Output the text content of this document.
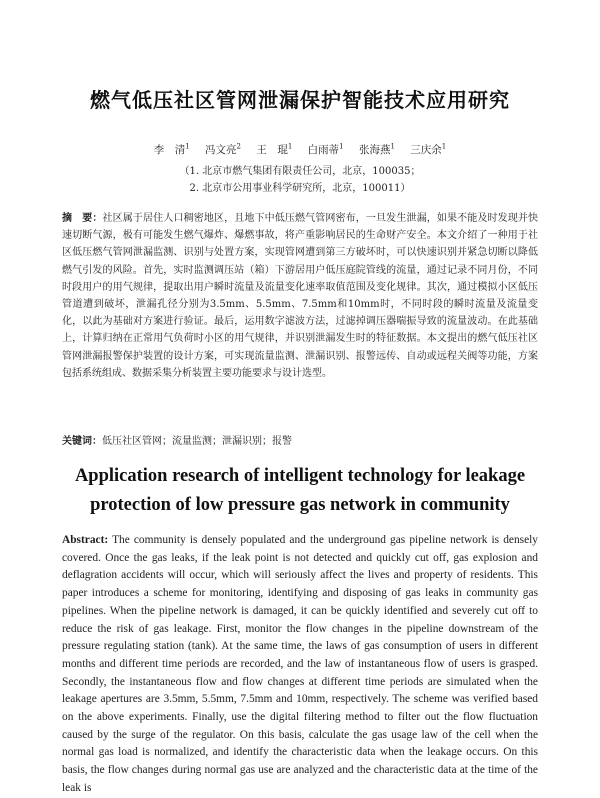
燃气低压社区管网泄漏保护智能技术应用研究
李　清$^1$ 冯文亮$^2$ 王　琨$^1$ 白雨蒂$^1$ 张海燕$^1$ 三庆余$^1$
（1. 北京市燃气集团有限责任公司，北京，100035；
2. 北京市公用事业科学研究所，北京，100011）
摘　要：社区属于居住人口稠密地区，且地下中低压燃气管网密布，一旦发生泄漏，如果不能及时发现并快速切断气源，极有可能发生燃气爆炸、爆燃事故，将产重影响居民的生命财产安全。本文介绍了一种用于社区低压燃气管网泄漏监测、识别与处置方案，实现管网遭到第三方破坏时，可以快速识别并紧急切断以降低燃气引发的风险。首先，实时监测调压站（箱）下游居用户低压庭院管线的流量，通过记录不同月份，不同时段用户的用气规律，提取出用户瞬时流量及流量变化速率取值范围及变化规律。其次，通过模拟小区低压管道遭到破坏，泄漏孔径分别为3.5mm、5.5mm、7.5mm和10mm时，不同时段的瞬时流量及流量变化，以此为基础对方案进行验证。最后，运用数字滤波方法，过滤掉调压器喘振导致的流量波动。在此基础上，计算归纳在正常用气负荷时小区的用气规律，并识别泄漏发生时的特征数据。本文提出的燃气低压社区管网泄漏报警保护装置的设计方案，可实现流量监测、泄漏识别、报警远传、自动或远程关阀等功能，方案包括系统组成、数据采集分析装置主要功能要求与设计选型。
关键词：低压社区管网；流量监测；泄漏识别；报警
Application research of intelligent technology for leakage
protection of low pressure gas network in community
Abstract: The community is densely populated and the underground gas pipeline network is densely covered. Once the gas leaks, if the leak point is not detected and quickly cut off, gas explosion and deflagration accidents will occur, which will seriously affect the lives and property of residents. This paper introduces a scheme for monitoring, identifying and disposing of gas leaks in community gas pipelines. When the pipeline network is damaged, it can be quickly identified and severely cut off to reduce the risk of gas leakage. First, monitor the flow changes in the pipeline downstream of the pressure regulating station (tank). At the same time, the laws of gas consumption of users in different months and different time periods are recorded, and the law of instantaneous flow of users is grasped. Secondly, the instantaneous flow and flow changes at different time periods are simulated when the leakage apertures are 3.5mm, 5.5mm, 7.5mm and 10mm, respectively. The scheme was verified based on the above experiments. Finally, use the digital filtering method to filter out the flow fluctuation caused by the surge of the regulator. On this basis, calculate the gas usage law of the cell when the normal gas load is normalized, and identify the characteristic data when the leakage occurs. On this basis, the flow changes during normal gas use are analyzed and the characteristic data at the time of the leak is
